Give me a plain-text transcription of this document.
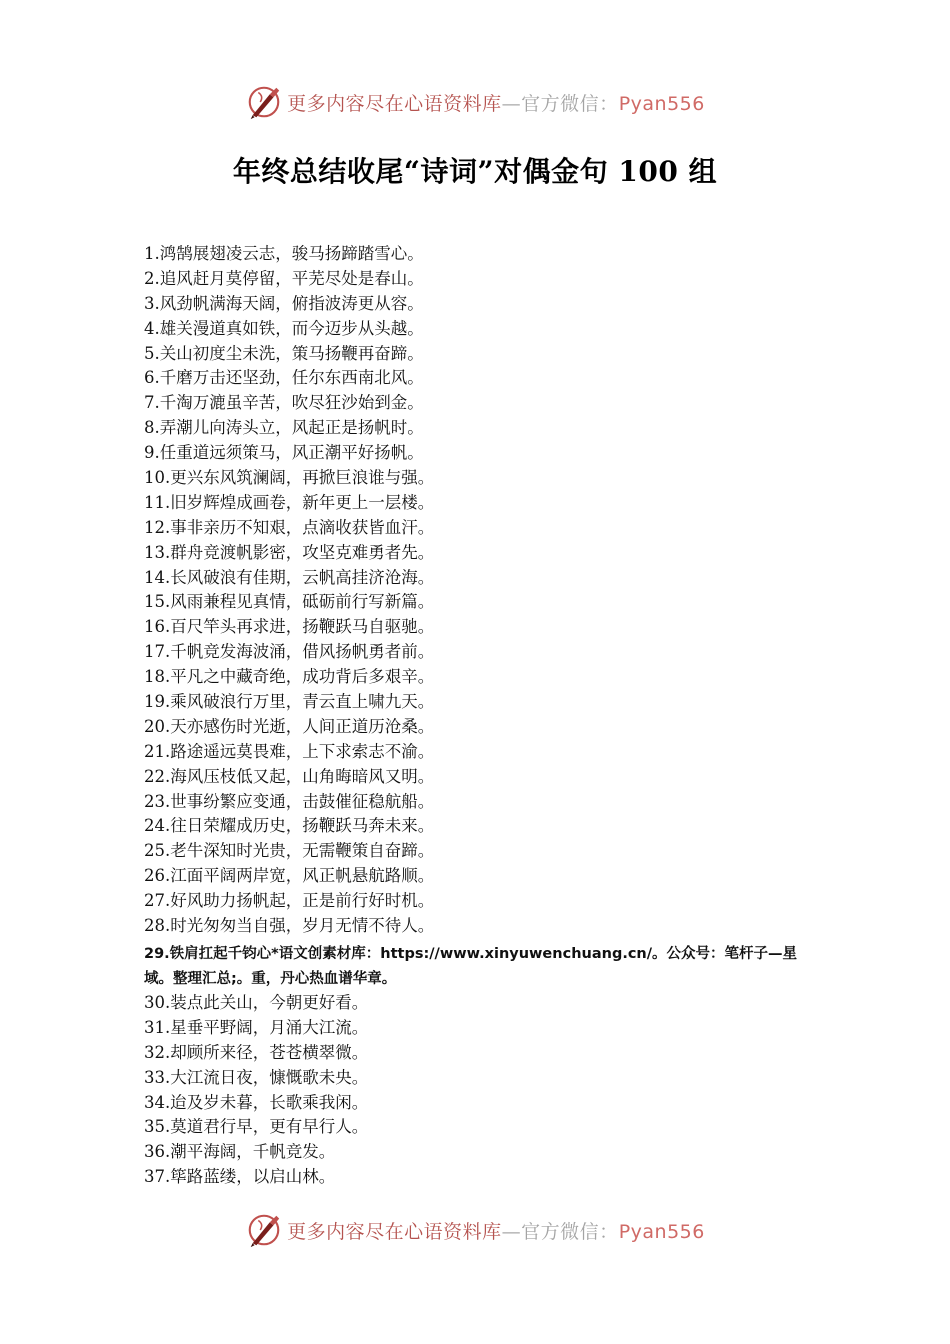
更多内容尽在心语资料库—官方微信：Pyan556
年终总结收尾“诗词”对偶金句 100 组
1.鸿鹄展翅凌云志，骏马扬蹄踏雪心。
2.追风赶月莫停留，平芜尽处是春山。
3.风劲帆满海天阔，俯指波涛更从容。
4.雄关漫道真如铁，而今迈步从头越。
5.关山初度尘未洗，策马扬鞭再奋蹄。
6.千磨万击还坚劲，任尔东西南北风。
7.千淘万漉虽辛苦，吹尽狂沙始到金。
8.弄潮儿向涛头立，风起正是扬帆时。
9.任重道远须策马，风正潮平好扬帆。
10.更兴东风筑澜阔，再掀巨浪谁与强。
11.旧岁辉煌成画卷，新年更上一层楼。
12.事非亲历不知艰，点滴收获皆血汗。
13.群舟竞渡帆影密，攻坚克难勇者先。
14.长风破浪有佳期，云帆高挂济沧海。
15.风雨兼程见真情，砥砺前行写新篇。
16.百尺竿头再求进，扬鞭跃马自驱驰。
17.千帆竞发海波涌，借风扬帆勇者前。
18.平凡之中藏奇绝，成功背后多艰辛。
19.乘风破浪行万里，青云直上啸九天。
20.天亦感伤时光逝，人间正道历沧桑。
21.路途遥远莫畏难，上下求索志不渝。
22.海风压枝低又起，山角晦暗风又明。
23.世事纷繁应变通，击鼓催征稳航船。
24.往日荣耀成历史，扬鞭跃马奔未来。
25.老牛深知时光贵，无需鞭策自奋蹄。
26.江面平阔两岸宽，风正帆悬航路顺。
27.好风助力扬帆起，正是前行好时机。
28.时光匆匆当自强，岁月无情不待人。
29.铁肩扛起千钧心*语文创素材库：https://www.xinyuwenchuang.cn/。公众号：笔杆子—星域。整理汇总;。重，丹心热血谱华章。
30.装点此关山，今朝更好看。
31.星垂平野阔，月涌大江流。
32.却顾所来径，苍苍横翠微。
33.大江流日夜，慷慨歌未央。
34.迨及岁未暮，长歌乘我闲。
35.莫道君行早，更有早行人。
36.潮平海阔，千帆竞发。
37.筚路蓝缕，以启山林。
更多内容尽在心语资料库—官方微信：Pyan556
